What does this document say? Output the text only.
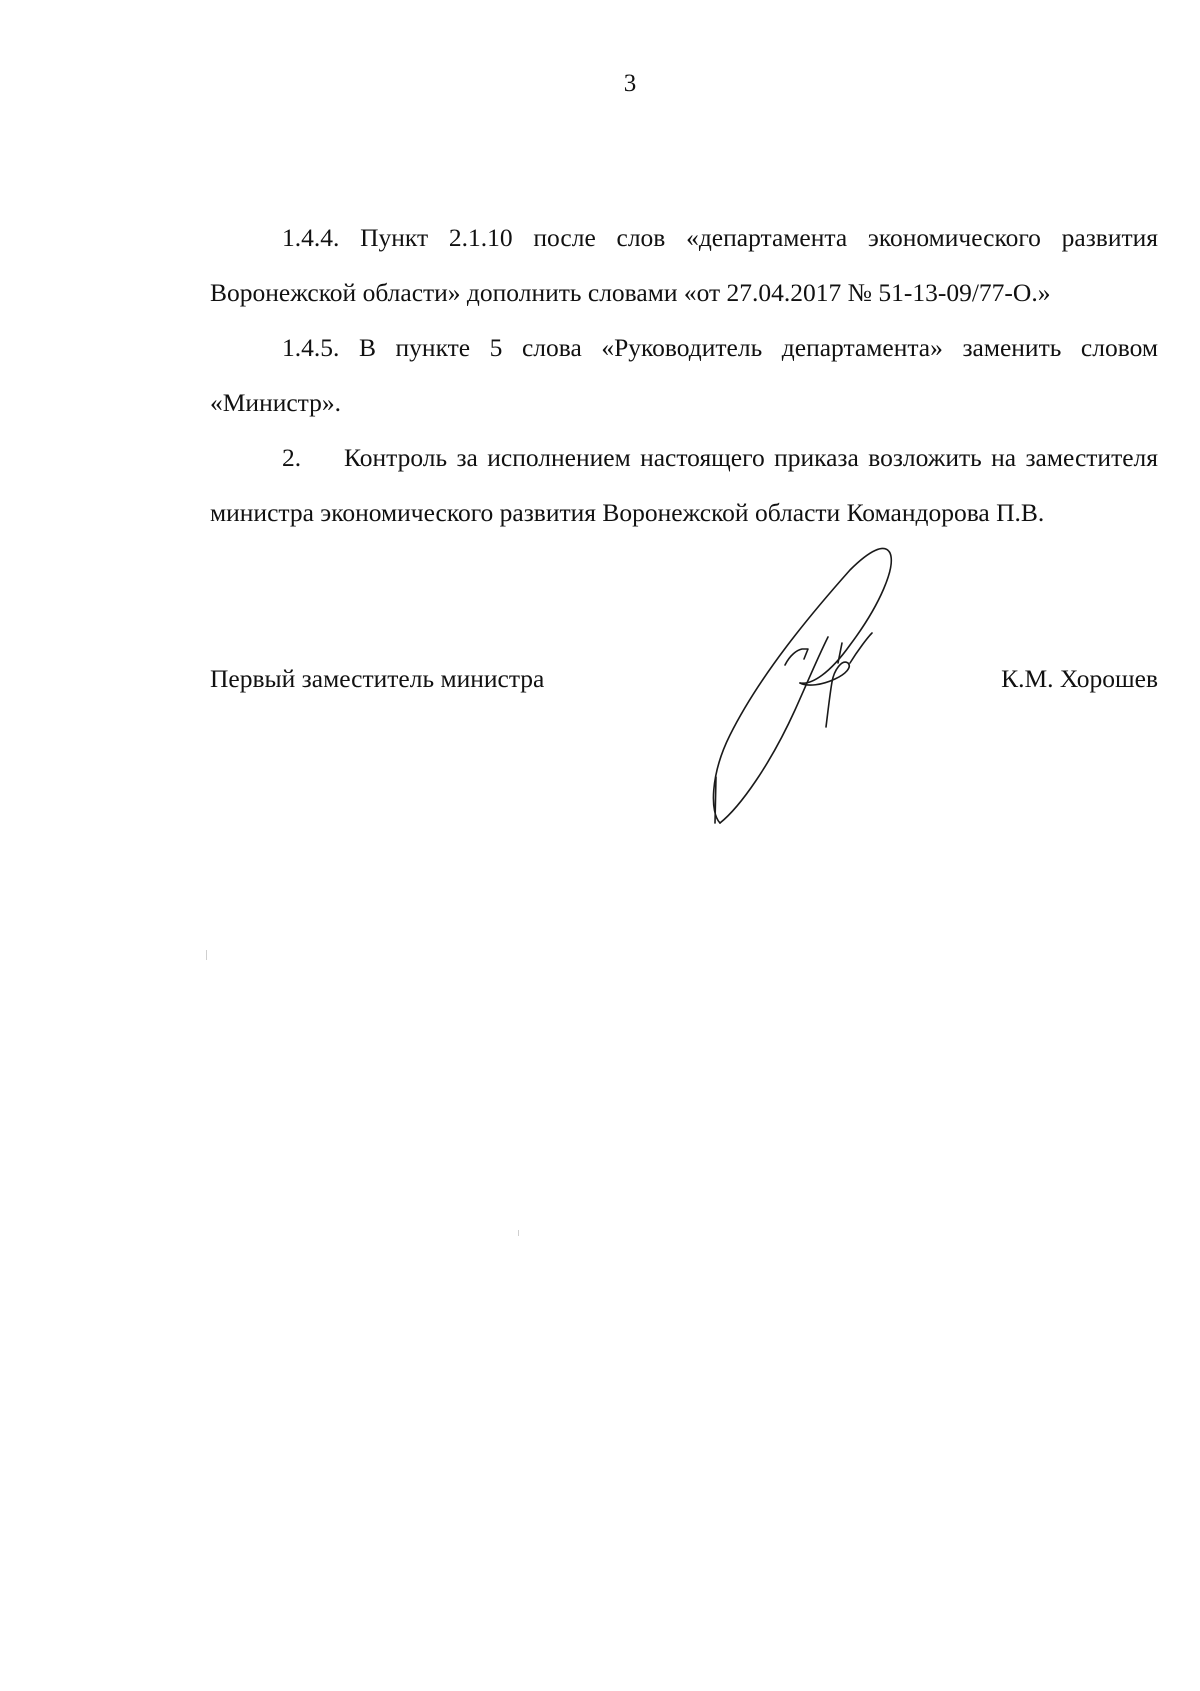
3

1.4.4. Пункт 2.1.10 после слов «департамента экономического развития Воронежской области» дополнить словами «от 27.04.2017 № 51-13-09/77-О.»

1.4.5. В пункте 5 слова «Руководитель департамента» заменить словом «Министр».

2. Контроль за исполнением настоящего приказа возложить на заместителя министра экономического развития Воронежской области Командорова П.В.

Первый заместитель министра	К.М. Хорошев
